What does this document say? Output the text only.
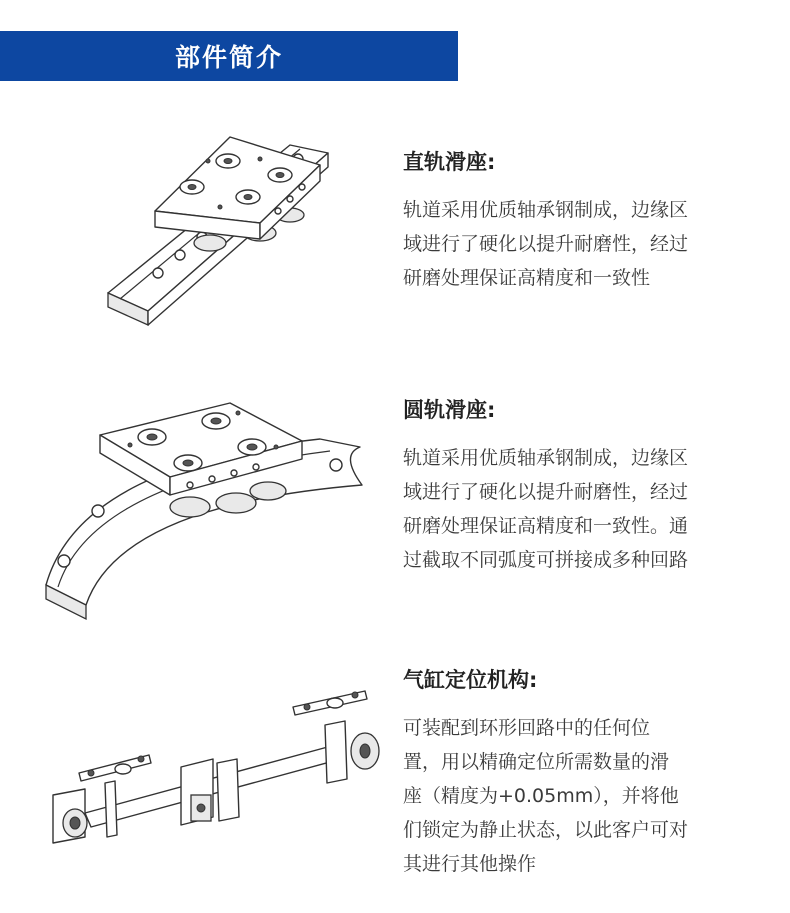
部件简介
直轨滑座:
轨道采用优质轴承钢制成，边缘区
域进行了硬化以提升耐磨性，经过
研磨处理保证高精度和一致性
圆轨滑座:
轨道采用优质轴承钢制成，边缘区
域进行了硬化以提升耐磨性，经过
研磨处理保证高精度和一致性。通
过截取不同弧度可拼接成多种回路
气缸定位机构:
可装配到环形回路中的任何位
置，用以精确定位所需数量的滑
座（精度为+0.05mm），并将他
们锁定为静止状态，以此客户可对
其进行其他操作
